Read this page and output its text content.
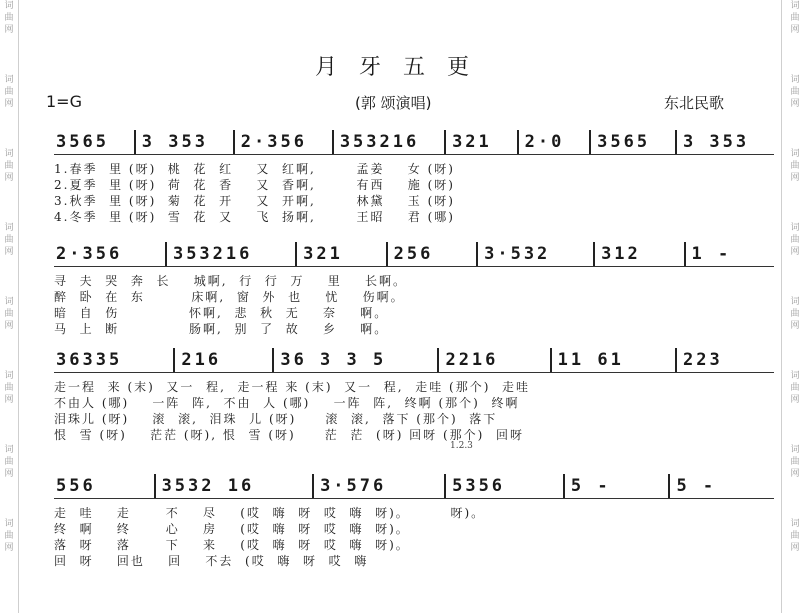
词
曲
网
词
曲
网
词
曲
网
词
曲
网
词
曲
网
词
曲
网
词
曲
网
词
曲
网
词
曲
网
词
曲
网
词
曲
网
词
曲
网
词
曲
网
词
曲
网
词
曲
网
词
曲
网
月牙五更
1=G	(郭 颂演唱)	东北民歌
3565	3 353	2·356	353216	321	2·0	3565	3 353
1.春季  里 (呀)  桃  花  红    又  红啊,       孟姜    女 (呀)
2.夏季  里 (呀)  荷  花  香    又  香啊,       有西    施 (呀)
3.秋季  里 (呀)  菊  花  开    又  开啊,       林黛    玉 (呀)
4.冬季  里 (呀)  雪  花  又    飞  扬啊,       王昭    君 (哪)
2·356	353216	321	256	3·532	312	1 -
寻  夫  哭  奔  长    城啊,  行  行  万    里    长啊。
醉  卧  在  东        床啊,  窗  外  也    忧    伤啊。
暗  自  伤            怀啊,  悲  秋  无    奈    啊。
马  上  断            肠啊,  别  了  故    乡    啊。
36335	216	36 3 3 5	2216	11 61	223
走一程  来 (末)  又一  程,  走一程 来 (末)  又一  程,  走哇 (那个)  走哇
不由人 (哪)    一阵  阵,  不由  人 (哪)    一阵  阵,  终啊 (那个)  终啊
泪珠儿 (呀)    滚  滚,  泪珠  儿 (呀)     滚  滚,  落下 (那个)  落下
恨  雪 (呀)    茫茫 (呀), 恨  雪 (呀)     茫  茫  (呀) 回呀 (那个)  回呀
1.2.3
556	3532 16	3·576	5356	5 -	5 -
走  哇    走      不    尽    (哎  嗨  呀  哎  嗨  呀)。       呀)。
终  啊    终      心    房    (哎  嗨  呀  哎  嗨  呀)。
落  呀    落      下    来    (哎  嗨  呀  哎  嗨  呀)。
回  呀    回也    回    不去  (哎  嗨  呀  哎  嗨
